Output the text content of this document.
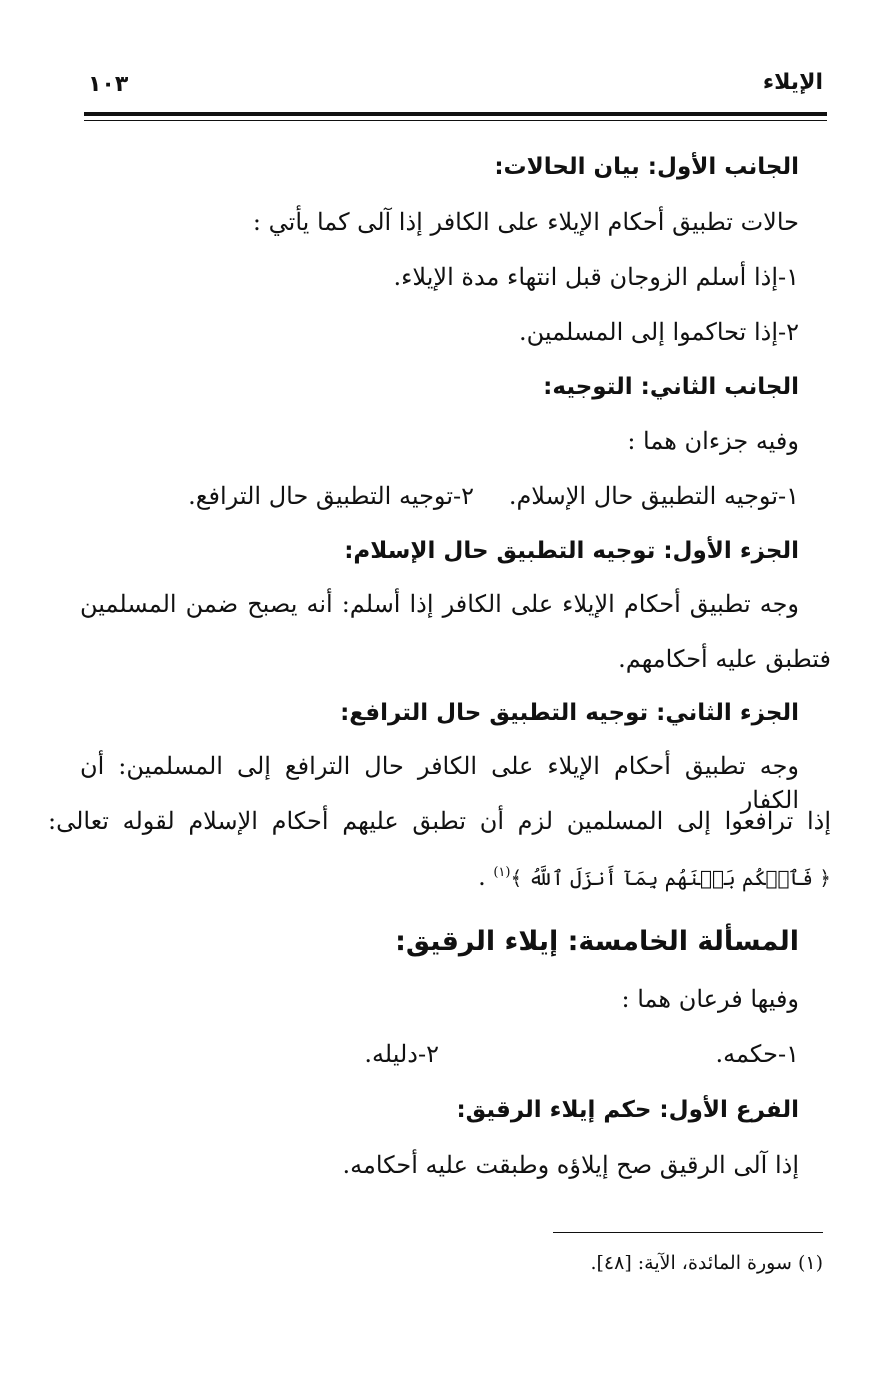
الإيلاء
١٠٣
الجانب الأول: بيان الحالات:
حالات تطبيق أحكام الإيلاء على الكافر إذا آلى كما يأتي :
١-إذا أسلم الزوجان قبل انتهاء مدة الإيلاء.
٢-إذا تحاكموا إلى المسلمين.
الجانب الثاني: التوجيه:
وفيه جزءان هما :
١-توجيه التطبيق حال الإسلام.
٢-توجيه التطبيق حال الترافع.
الجزء الأول: توجيه التطبيق حال الإسلام:
وجه تطبيق أحكام الإيلاء على الكافر إذا أسلم: أنه يصبح ضمن المسلمين
فتطبق عليه أحكامهم.
الجزء الثاني: توجيه التطبيق حال الترافع:
وجه تطبيق أحكام الإيلاء على الكافر حال الترافع إلى المسلمين: أن الكفار
إذا ترافعوا إلى المسلمين لزم أن تطبق عليهم أحكام الإسلام لقوله تعالى:
﴿ فَٱحۡكُم بَيۡنَهُم بِمَآ أَنزَلَ ٱللَّهُ ﴾$^{(١)}$ .
المسألة الخامسة: إيلاء الرقيق:
وفيها فرعان هما :
١-حكمه.
٢-دليله.
الفرع الأول: حكم إيلاء الرقيق:
إذا آلى الرقيق صح إيلاؤه وطبقت عليه أحكامه.
(١) سورة المائدة، الآية: [٤٨].
